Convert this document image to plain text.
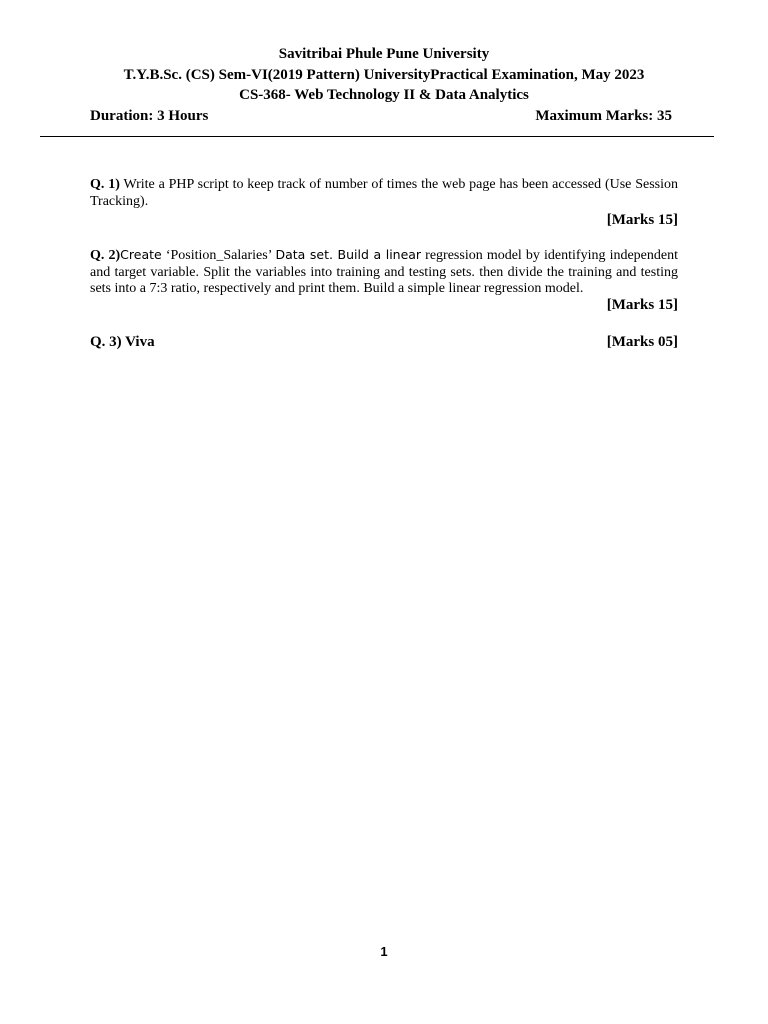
Savitribai Phule Pune University
T.Y.B.Sc. (CS) Sem-VI(2019 Pattern) UniversityPractical Examination, May 2023
CS-368- Web Technology II & Data Analytics
Duration: 3 Hours	Maximum Marks: 35
Q. 1) Write a PHP script to keep track of number of times the web page has been accessed (Use Session Tracking).
[Marks 15]
Q. 2)Create ‘Position_Salaries’ Data set. Build a linear regression model by identifying independent and target variable. Split the variables into training and testing sets. then divide the training and testing sets into a 7:3 ratio, respectively and print them. Build a simple linear regression model.
[Marks 15]
Q. 3) Viva	[Marks 05]
1
